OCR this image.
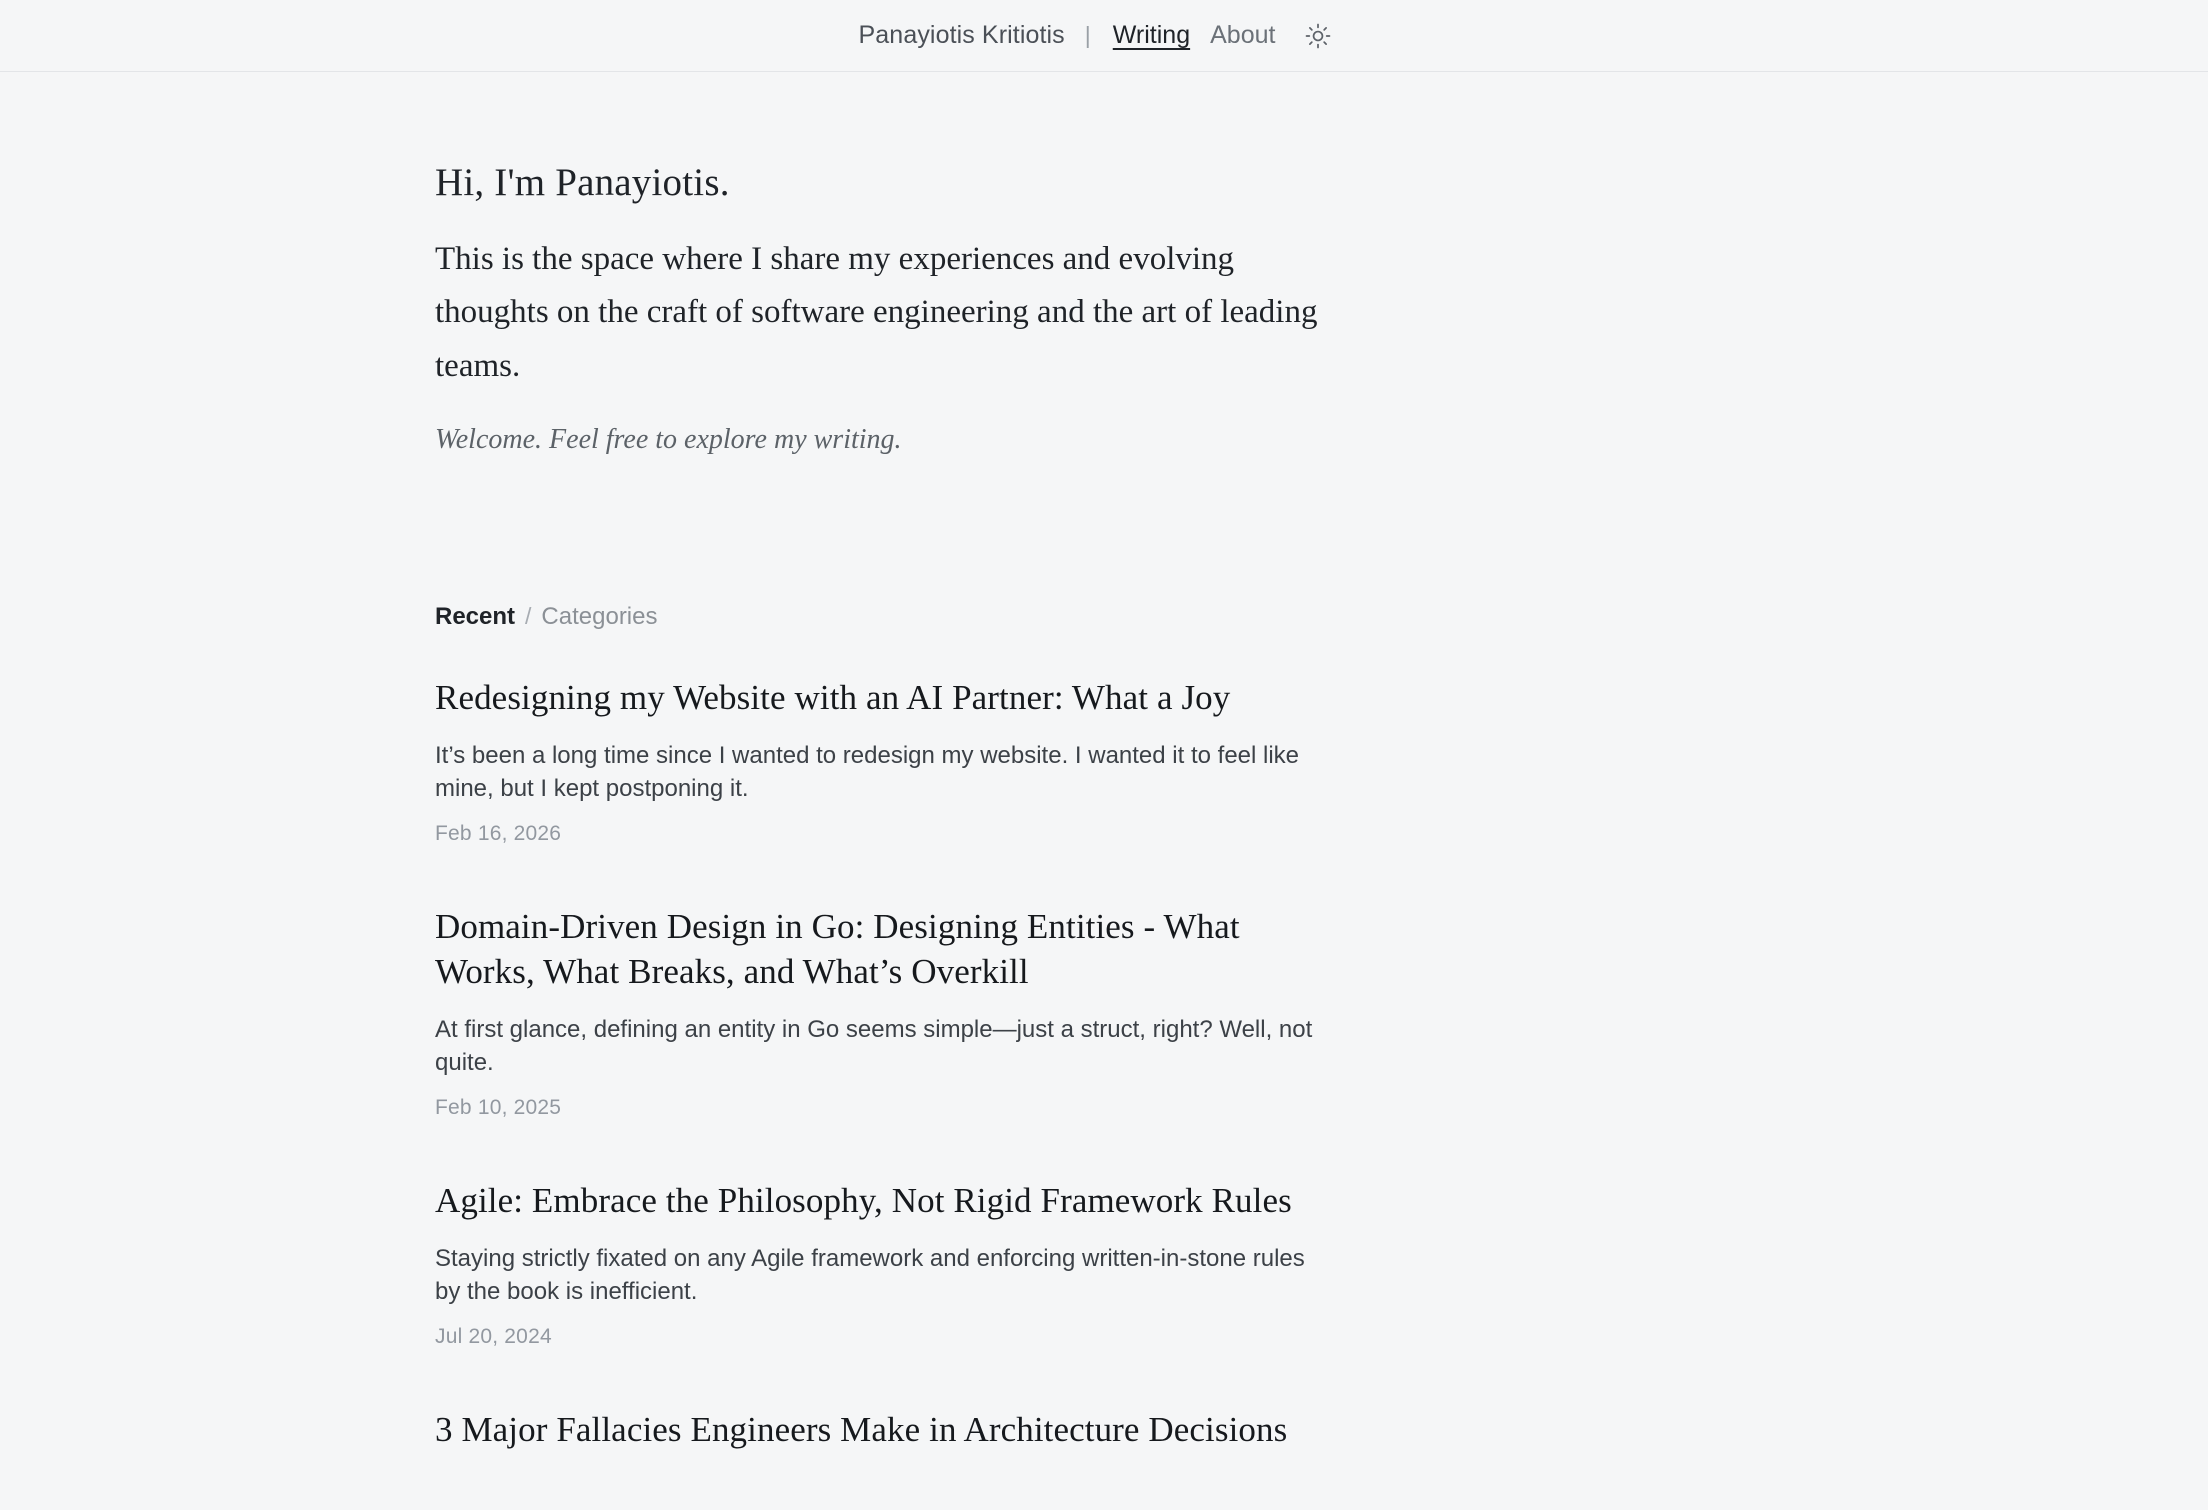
Panayiotis Kritiotis | Writing About
Hi, I'm Panayiotis.

This is the space where I share my experiences and evolving thoughts on the craft of software engineering and the art of leading teams.

Welcome. Feel free to explore my writing.

Recent / Categories
Redesigning my Website with an AI Partner: What a Joy

It’s been a long time since I wanted to redesign my website. I wanted it to feel like mine, but I kept postponing it.

Feb 16, 2026
Domain-Driven Design in Go: Designing Entities - What Works, What Breaks, and What’s Overkill

At first glance, defining an entity in Go seems simple—just a struct, right? Well, not quite.

Feb 10, 2025
Agile: Embrace the Philosophy, Not Rigid Framework Rules

Staying strictly fixated on any Agile framework and enforcing written-in-stone rules by the book is inefficient.

Jul 20, 2024
3 Major Fallacies Engineers Make in Architecture Decisions
